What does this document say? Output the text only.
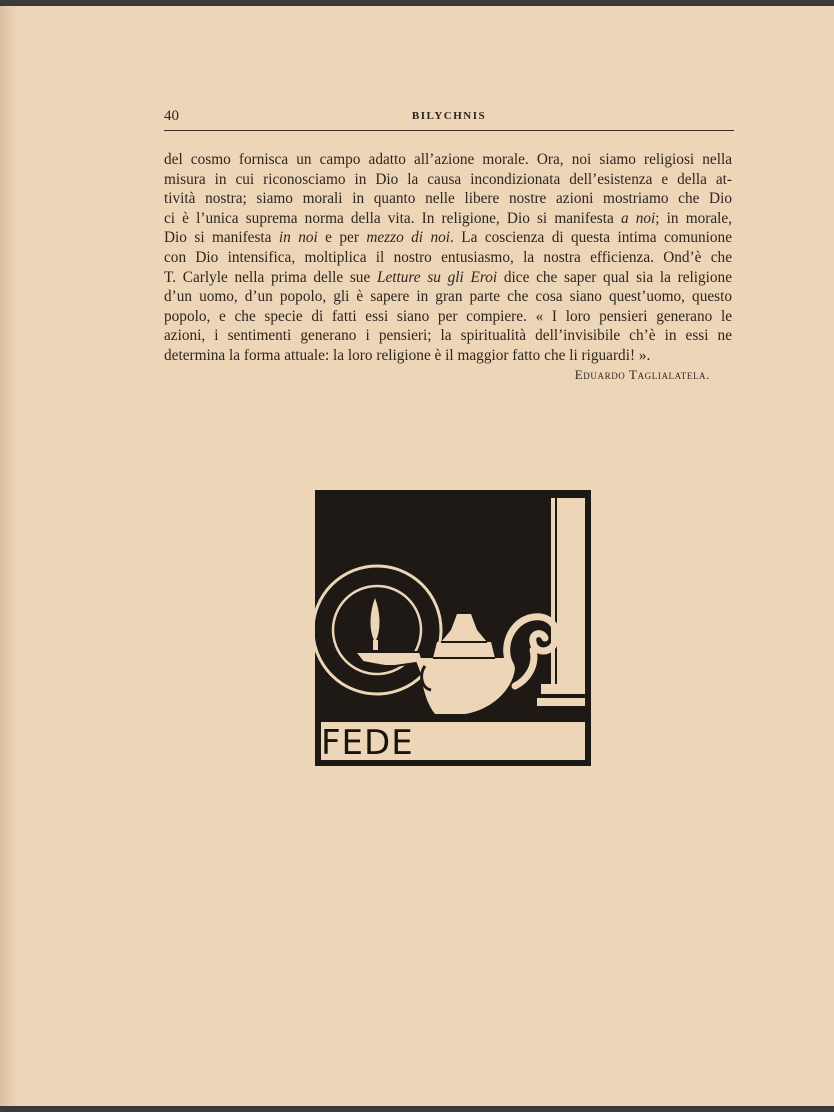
40	BILYCHNIS
del cosmo fornisca un campo adatto all’azione morale. Ora, noi siamo religiosi nella
misura in cui riconosciamo in Dio la causa incondizionata dell’esistenza e della at-
tività nostra; siamo morali in quanto nelle libere nostre azioni mostriamo che Dio
ci è l’unica suprema norma della vita. In religione, Dio si manifesta a noi; in morale,
Dio si manifesta in noi e per mezzo di noi. La coscienza di questa intima comunione
con Dio intensifica, moltiplica il nostro entusiasmo, la nostra efficienza. Ond’è che
T. Carlyle nella prima delle sue Letture su gli Eroi dice che saper qual sia la religione
d’un uomo, d’un popolo, gli è sapere in gran parte che cosa siano quest’uomo, questo
popolo, e che specie di fatti essi siano per compiere. « I loro pensieri generano le
azioni, i sentimenti generano i pensieri; la spiritualità dell’invisibile ch’è in essi ne
determina la forma attuale: la loro religione è il maggior fatto che li riguardi! ».
Eduardo Taglialatela.
FEDE
